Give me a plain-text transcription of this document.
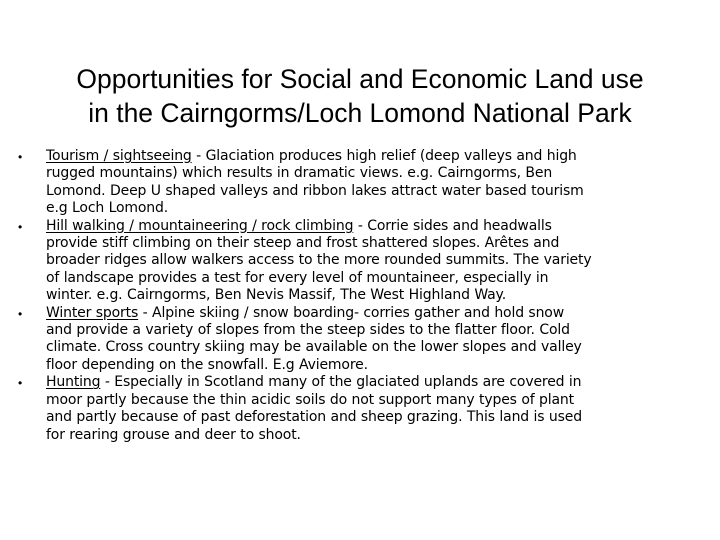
Opportunities for Social and Economic Land use
in the Cairngorms/Loch Lomond National Park
• Tourism / sightseeing - Glaciation produces high relief (deep valleys and high
rugged mountains) which results in dramatic views. e.g. Cairngorms, Ben
Lomond. Deep U shaped valleys and ribbon lakes attract water based tourism
e.g Loch Lomond.
• Hill walking / mountaineering / rock climbing - Corrie sides and headwalls
provide stiff climbing on their steep and frost shattered slopes. Arêtes and
broader ridges allow walkers access to the more rounded summits. The variety
of landscape provides a test for every level of mountaineer, especially in
winter. e.g. Cairngorms, Ben Nevis Massif, The West Highland Way.
• Winter sports - Alpine skiing / snow boarding- corries gather and hold snow
and provide a variety of slopes from the steep sides to the flatter floor. Cold
climate. Cross country skiing may be available on the lower slopes and valley
floor depending on the snowfall. E.g Aviemore.
• Hunting - Especially in Scotland many of the glaciated uplands are covered in
moor partly because the thin acidic soils do not support many types of plant
and partly because of past deforestation and sheep grazing. This land is used
for rearing grouse and deer to shoot.
